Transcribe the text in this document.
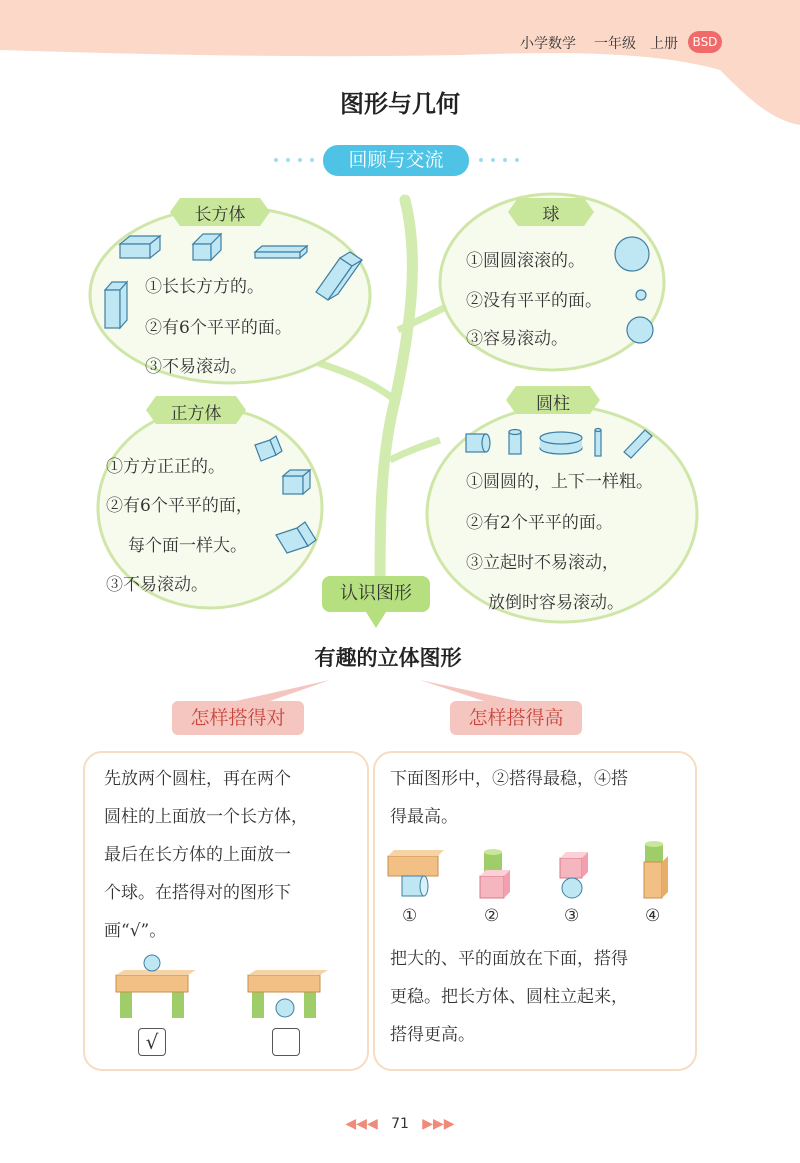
小学数学 一年级 上册	BSD
图形与几何
回顾与交流
长方体
①长长方方的。
②有6个平平的面。
③不易滚动。
球
①圆圆滚滚的。
②没有平平的面。
③容易滚动。
正方体
①方方正正的。
②有6个平平的面，
每个面一样大。
③不易滚动。
圆柱
①圆圆的，上下一样粗。
②有2个平平的面。
③立起时不易滚动，
放倒时容易滚动。
认识图形
有趣的立体图形
怎样搭得对	怎样搭得高
先放两个圆柱，再在两个
圆柱的上面放一个长方体，
最后在长方体的上面放一
个球。在搭得对的图形下
画“√”。
√
下面图形中，②搭得最稳，④搭
得最高。
①	②	③	④
把大的、平的面放在下面，搭得
更稳。把长方体、圆柱立起来，
搭得更高。
◀◀◀ 71 ▶▶▶
